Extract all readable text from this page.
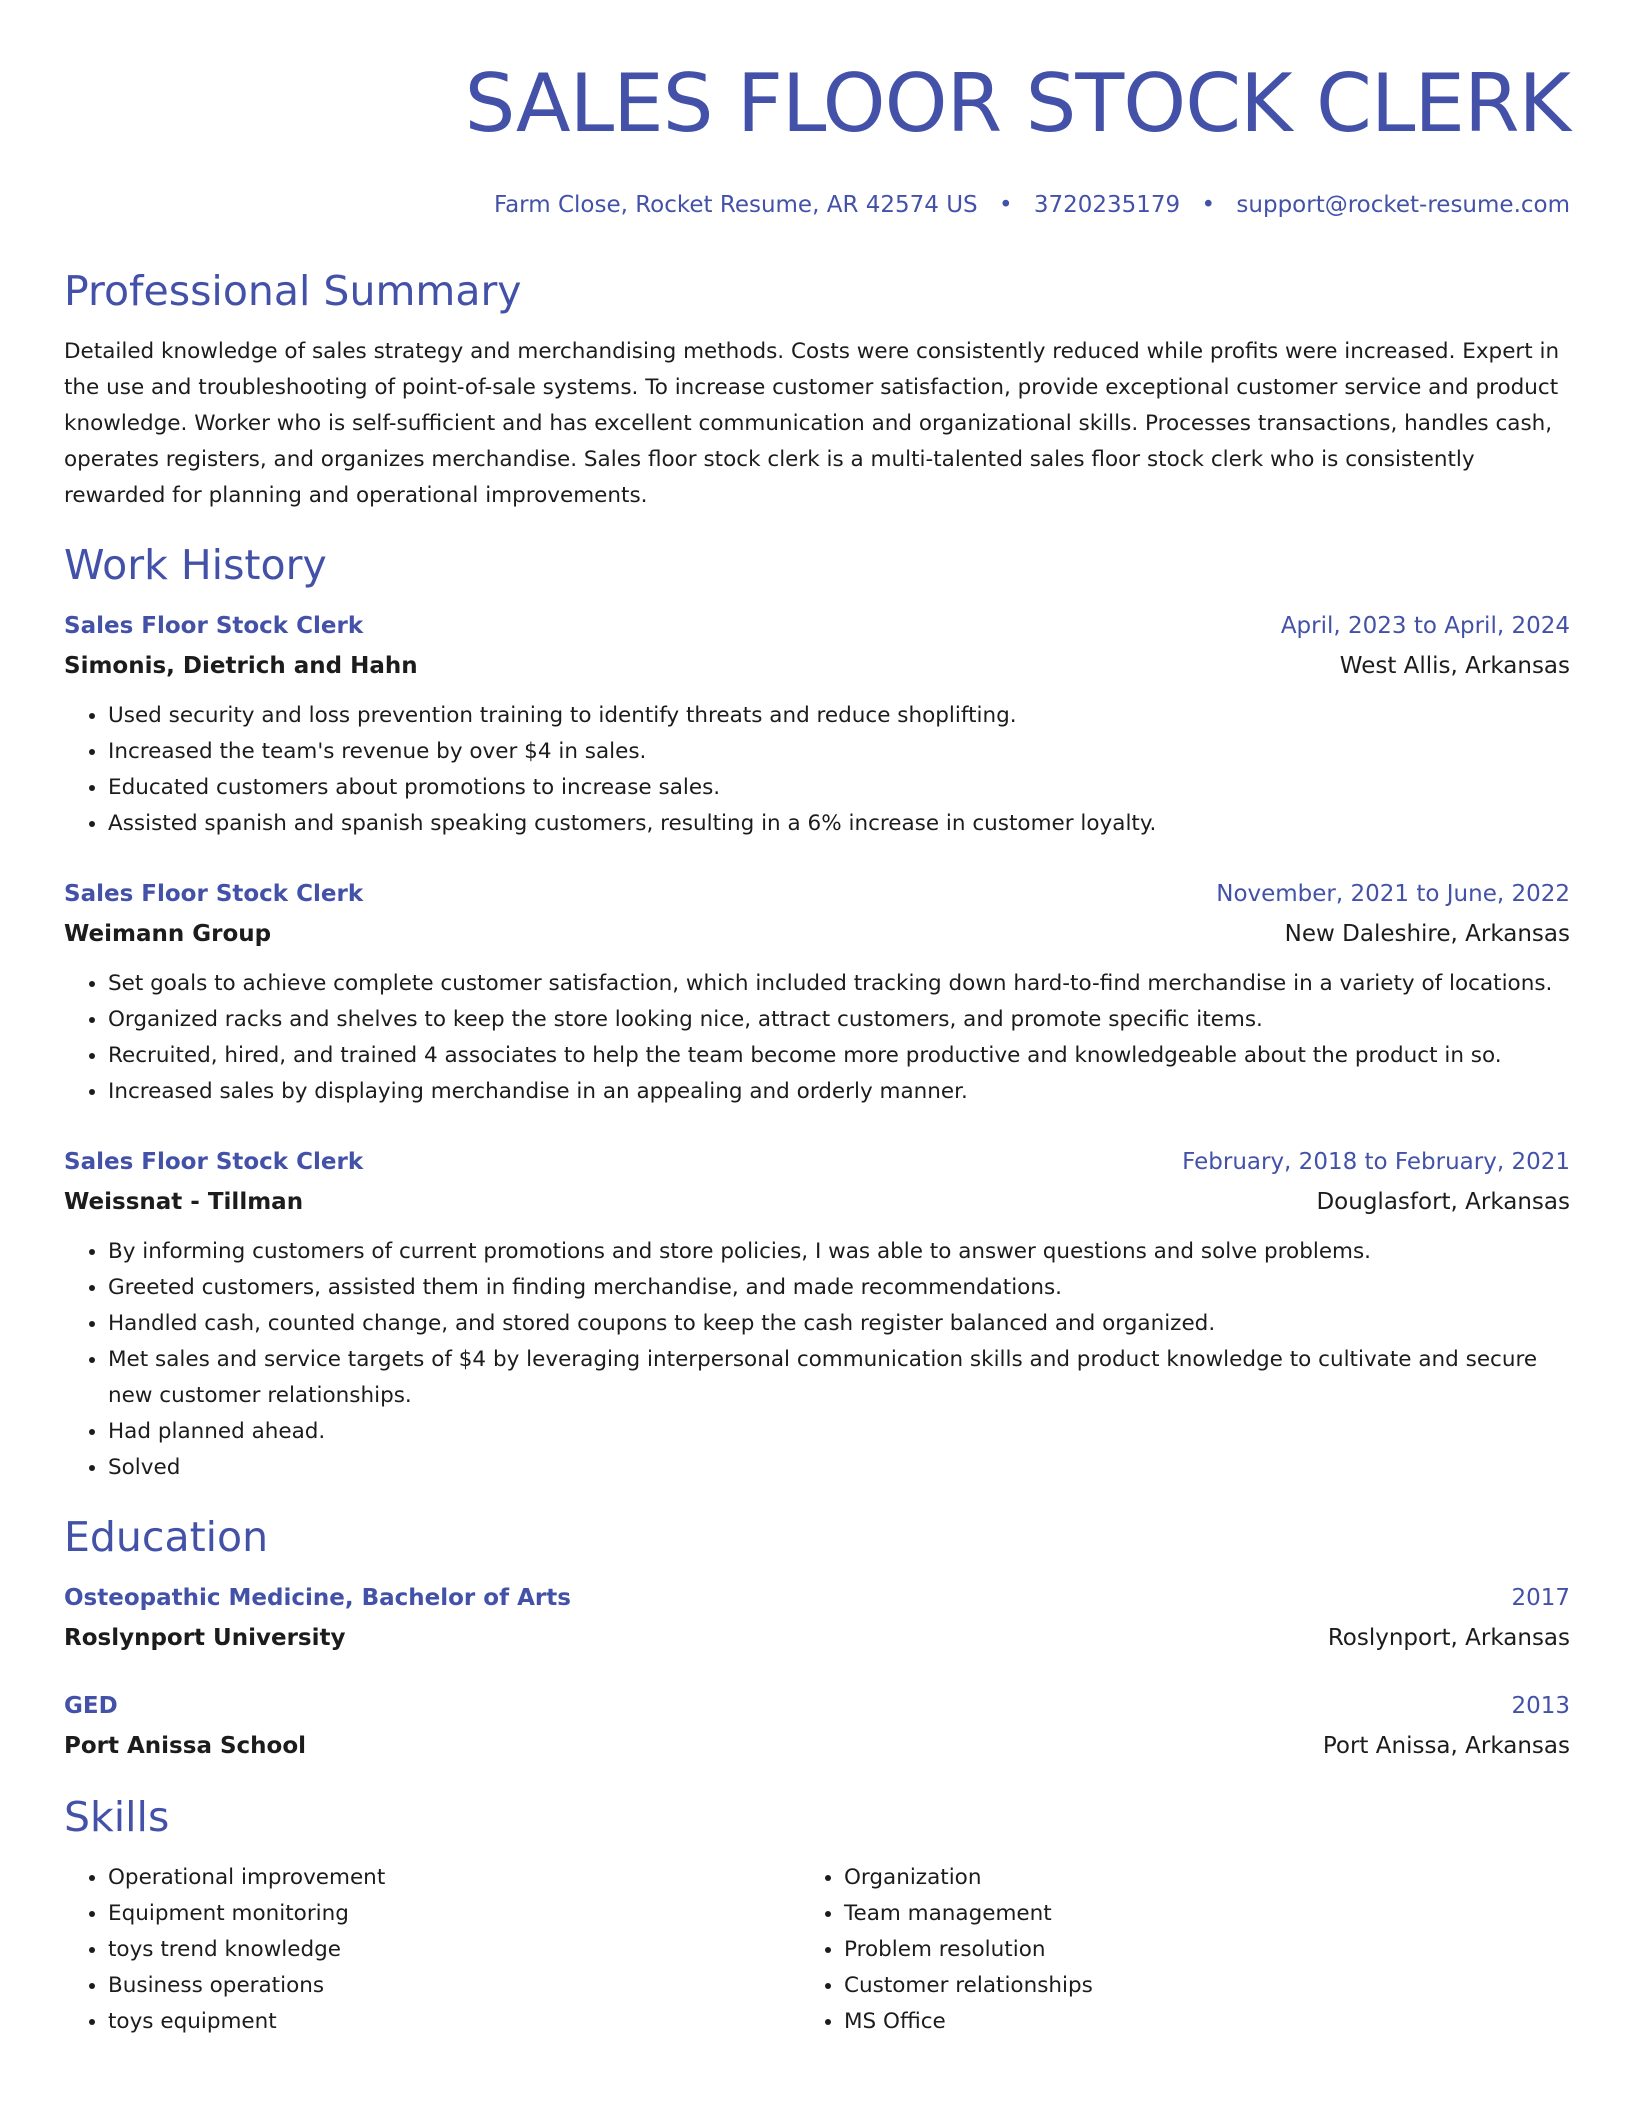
SALES FLOOR STOCK CLERK
Farm Close, Rocket Resume, AR 42574 US • 3720235179 • support@rocket-resume.com
Professional Summary
Detailed knowledge of sales strategy and merchandising methods. Costs were consistently reduced while profits were increased. Expert in the use and troubleshooting of point-of-sale systems. To increase customer satisfaction, provide exceptional customer service and product knowledge. Worker who is self-sufficient and has excellent communication and organizational skills. Processes transactions, handles cash, operates registers, and organizes merchandise. Sales floor stock clerk is a multi-talented sales floor stock clerk who is consistently rewarded for planning and operational improvements.
Work History
Sales Floor Stock Clerk	April, 2023 to April, 2024
Simonis, Dietrich and Hahn	West Allis, Arkansas
• Used security and loss prevention training to identify threats and reduce shoplifting.
• Increased the team's revenue by over $4 in sales.
• Educated customers about promotions to increase sales.
• Assisted spanish and spanish speaking customers, resulting in a 6% increase in customer loyalty.
Sales Floor Stock Clerk	November, 2021 to June, 2022
Weimann Group	New Daleshire, Arkansas
• Set goals to achieve complete customer satisfaction, which included tracking down hard-to-find merchandise in a variety of locations.
• Organized racks and shelves to keep the store looking nice, attract customers, and promote specific items.
• Recruited, hired, and trained 4 associates to help the team become more productive and knowledgeable about the product in so.
• Increased sales by displaying merchandise in an appealing and orderly manner.
Sales Floor Stock Clerk	February, 2018 to February, 2021
Weissnat - Tillman	Douglasfort, Arkansas
• By informing customers of current promotions and store policies, I was able to answer questions and solve problems.
• Greeted customers, assisted them in finding merchandise, and made recommendations.
• Handled cash, counted change, and stored coupons to keep the cash register balanced and organized.
• Met sales and service targets of $4 by leveraging interpersonal communication skills and product knowledge to cultivate and secure new customer relationships.
• Had planned ahead.
• Solved
Education
Osteopathic Medicine, Bachelor of Arts	2017
Roslynport University	Roslynport, Arkansas
GED	2013
Port Anissa School	Port Anissa, Arkansas
Skills
• Operational improvement
• Equipment monitoring
• toys trend knowledge
• Business operations
• toys equipment
• Organization
• Team management
• Problem resolution
• Customer relationships
• MS Office
